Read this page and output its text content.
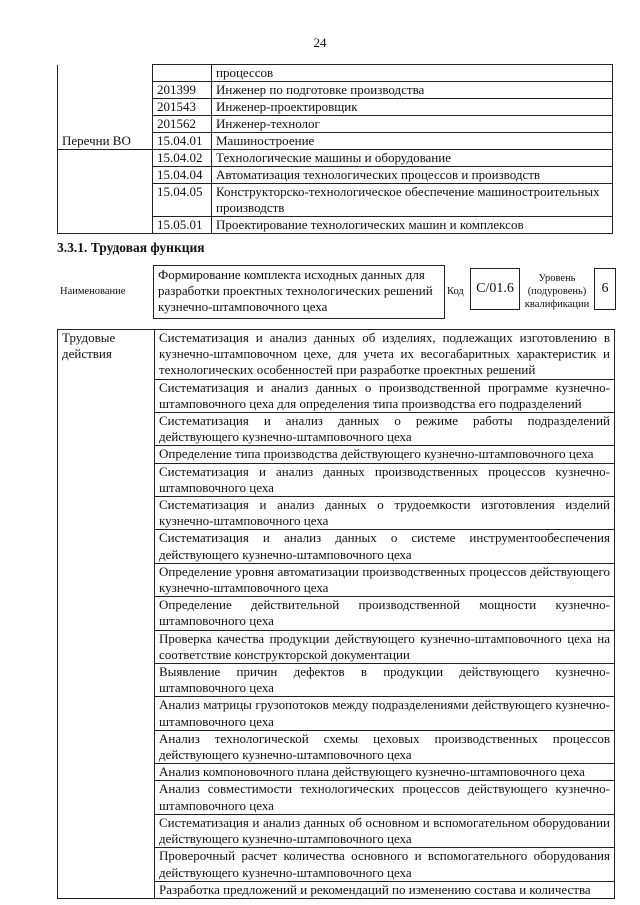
24
		процессов
	201399	Инженер по подготовке производства
	201543	Инженер-проектировщик
	201562	Инженер-технолог
Перечни ВО	15.04.01	Машиностроение
	15.04.02	Технологические машины и оборудование
	15.04.04	Автоматизация технологических процессов и производств
	15.04.05	Конструкторско-технологическое обеспечение машиностроительных производств
	15.05.01	Проектирование технологических машин и комплексов
3.3.1. Трудовая функция
Наименование
Формирование комплекта исходных данных для разработки проектных технологических решений кузнечно-штамповочного цеха
Код C/01.6
Уровень (подуровень) квалификации
6
Трудовые действия	Систематизация и анализ данных об изделиях, подлежащих изготовлению в кузнечно-штамповочном цехе, для учета их весогабаритных характеристик и технологических особенностей при разработке проектных решений
Систематизация и анализ данных о производственной программе кузнечно-штамповочного цеха для определения типа производства его подразделений
Систематизация и анализ данных о режиме работы подразделений действующего кузнечно-штамповочного цеха
Определение типа производства действующего кузнечно-штамповочного цеха
Систематизация и анализ данных производственных процессов кузнечно-штамповочного цеха
Систематизация и анализ данных о трудоемкости изготовления изделий кузнечно-штамповочного цеха
Систематизация и анализ данных о системе инструментообеспечения действующего кузнечно-штамповочного цеха
Определение уровня автоматизации производственных процессов действующего кузнечно-штамповочного цеха
Определение действительной производственной мощности кузнечно-штамповочного цеха
Проверка качества продукции действующего кузнечно-штамповочного цеха на соответствие конструкторской документации
Выявление причин дефектов в продукции действующего кузнечно-штамповочного цеха
Анализ матрицы грузопотоков между подразделениями действующего кузнечно-штамповочного цеха
Анализ технологической схемы цеховых производственных процессов действующего кузнечно-штамповочного цеха
Анализ компоновочного плана действующего кузнечно-штамповочного цеха
Анализ совместимости технологических процессов действующего кузнечно-штамповочного цеха
Систематизация и анализ данных об основном и вспомогательном оборудовании действующего кузнечно-штамповочного цеха
Проверочный расчет количества основного и вспомогательного оборудования действующего кузнечно-штамповочного цеха
Разработка предложений и рекомендаций по изменению состава и количества
